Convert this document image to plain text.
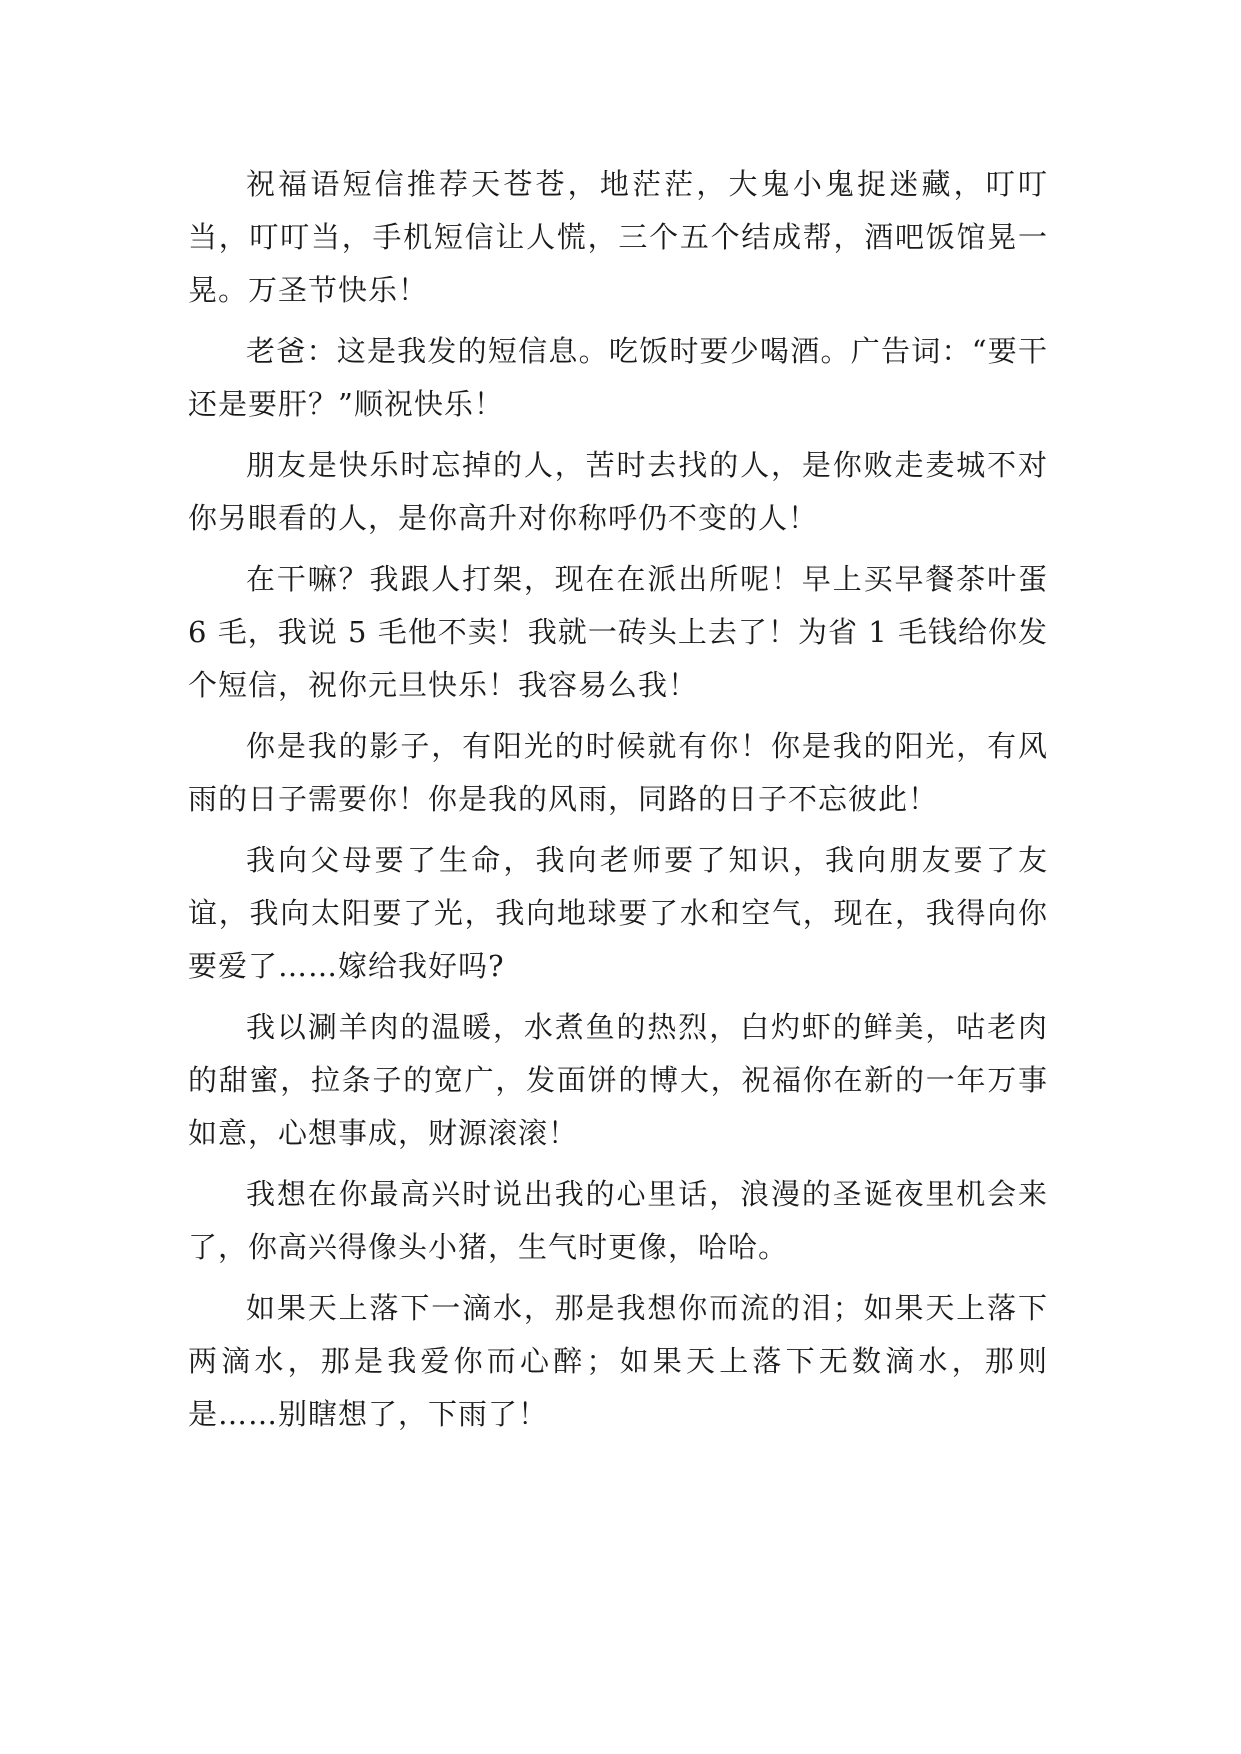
祝福语短信推荐天苍苍，地茫茫，大鬼小鬼捉迷藏，叮叮当，叮叮当，手机短信让人慌，三个五个结成帮，酒吧饭馆晃一晃。万圣节快乐！

老爸：这是我发的短信息。吃饭时要少喝酒。广告词：“要干还是要肝？”顺祝快乐！

朋友是快乐时忘掉的人，苦时去找的人，是你败走麦城不对你另眼看的人，是你高升对你称呼仍不变的人！

在干嘛？我跟人打架，现在在派出所呢！早上买早餐茶叶蛋 6 毛，我说 5 毛他不卖！我就一砖头上去了！为省 1 毛钱给你发个短信，祝你元旦快乐！我容易么我！

你是我的影子，有阳光的时候就有你！你是我的阳光，有风雨的日子需要你！你是我的风雨，同路的日子不忘彼此！

我向父母要了生命，我向老师要了知识，我向朋友要了友谊，我向太阳要了光，我向地球要了水和空气，现在，我得向你要爱了……嫁给我好吗?

我以涮羊肉的温暖，水煮鱼的热烈，白灼虾的鲜美，咕老肉的甜蜜，拉条子的宽广，发面饼的博大，祝福你在新的一年万事如意，心想事成，财源滚滚！

我想在你最高兴时说出我的心里话，浪漫的圣诞夜里机会来了，你高兴得像头小猪，生气时更像，哈哈。

如果天上落下一滴水，那是我想你而流的泪；如果天上落下两滴水，那是我爱你而心醉；如果天上落下无数滴水，那则是……别瞎想了，下雨了！
